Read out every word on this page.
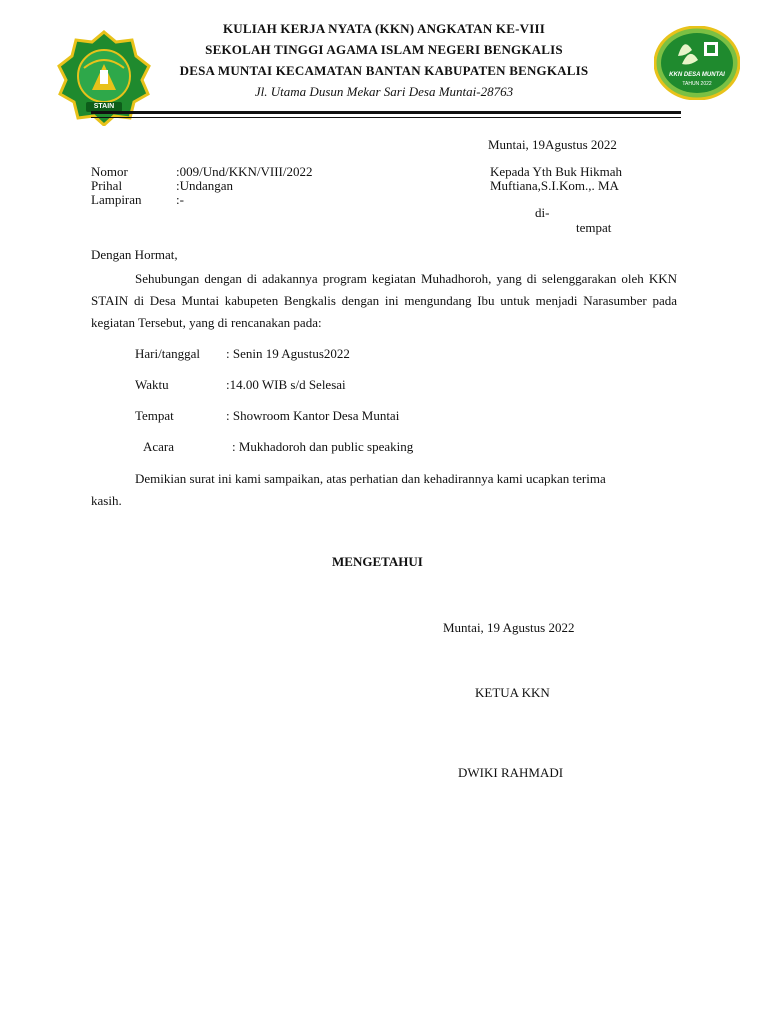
STAIN
KKN DESA MUNTAI
TAHUN 2022
KULIAH KERJA NYATA (KKN) ANGKATAN KE-VIII
SEKOLAH TINGGI AGAMA ISLAM NEGERI BENGKALIS
DESA MUNTAI KECAMATAN BANTAN KABUPATEN BENGKALIS
Jl. Utama Dusun Mekar Sari Desa Muntai-28763
Muntai, 19Agustus 2022
Nomor	:009/Und/KKN/VIII/2022
Prihal	:Undangan
Lampiran	:-
Kepada Yth Buk Hikmah
Muftiana,S.I.Kom.,. MA
di-
tempat
Dengan Hormat,
Sehubungan dengan di adakannya program kegiatan Muhadhoroh, yang di selenggarakan oleh KKN STAIN di Desa Muntai kabupeten Bengkalis dengan ini mengundang Ibu untuk menjadi Narasumber pada kegiatan Tersebut, yang di rencanakan pada:
Hari/tanggal : Senin 19 Agustus2022
Waktu	:14.00 WIB s/d Selesai
Tempat	: Showroom Kantor Desa Muntai
Acara	: Mukhadoroh dan public speaking
Demikian surat ini kami sampaikan, atas perhatian dan kehadirannya kami ucapkan terima kasih.
MENGETAHUI
Muntai, 19 Agustus 2022
KETUA KKN
DWIKI RAHMADI
